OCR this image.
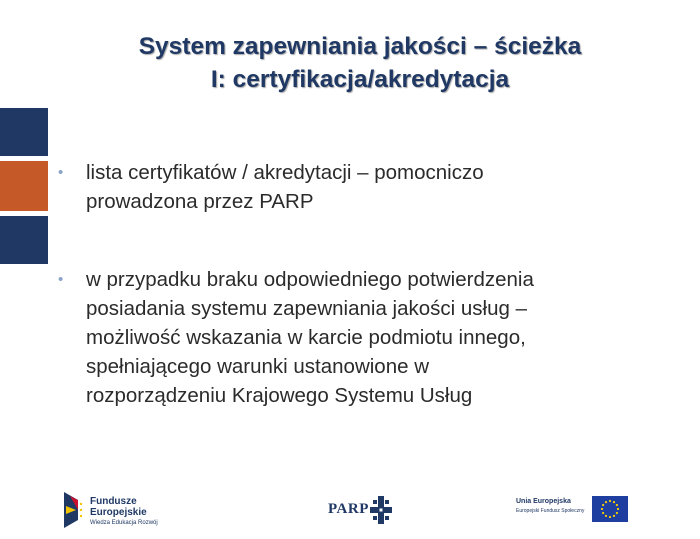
System zapewniania jakości – ścieżka
I: certyfikacja/akredytacja
• lista certyfikatów / akredytacji – pomocniczo
prowadzona przez PARP
• w przypadku braku odpowiedniego potwierdzenia
posiadania systemu zapewniania jakości usług –
możliwość wskazania w karcie podmiotu innego,
spełniającego warunki ustanowione w
rozporządzeniu Krajowego Systemu Usług
Fundusze
Europejskie
Wiedza Edukacja Rozwój
PARP	Unia Europejska
Europejski Fundusz Społeczny
